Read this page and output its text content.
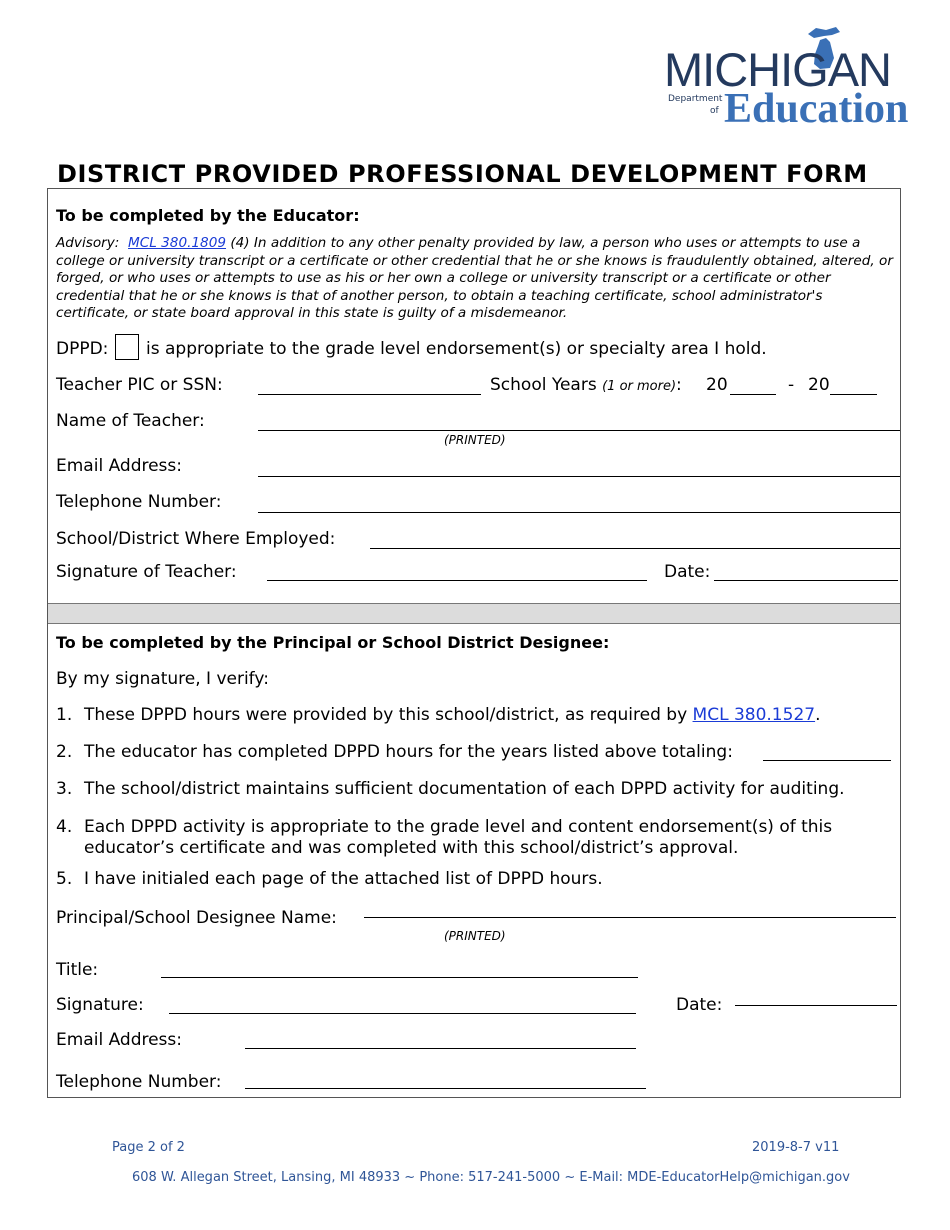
MICHIGAN
Department
of Education
DISTRICT PROVIDED PROFESSIONAL DEVELOPMENT FORM
To be completed by the Educator:
Advisory: MCL 380.1809 (4) In addition to any other penalty provided by law, a person who uses or attempts to use a college or university transcript or a certificate or other credential that he or she knows is fraudulently obtained, altered, or forged, or who uses or attempts to use as his or her own a college or university transcript or a certificate or other credential that he or she knows is that of another person, to obtain a teaching certificate, school administrator's certificate, or state board approval in this state is guilty of a misdemeanor.
DPPD: is appropriate to the grade level endorsement(s) or specialty area I hold.
Teacher PIC or SSN:	School Years (1 or more): 20	- 20
Name of Teacher:
(PRINTED)
Email Address:
Telephone Number:
School/District Where Employed:
Signature of Teacher:	Date:
To be completed by the Principal or School District Designee:
By my signature, I verify:
1. These DPPD hours were provided by this school/district, as required by MCL 380.1527.
2. The educator has completed DPPD hours for the years listed above totaling:
3. The school/district maintains sufficient documentation of each DPPD activity for auditing.
4. Each DPPD activity is appropriate to the grade level and content endorsement(s) of this
educator’s certificate and was completed with this school/district’s approval.
5. I have initialed each page of the attached list of DPPD hours.
Principal/School Designee Name:
(PRINTED)
Title:
Signature:	Date:
Email Address:
Telephone Number:
Page 2 of 2	2019-8-7 v11
608 W. Allegan Street, Lansing, MI 48933 ~ Phone: 517-241-5000 ~ E-Mail: MDE-EducatorHelp@michigan.gov
